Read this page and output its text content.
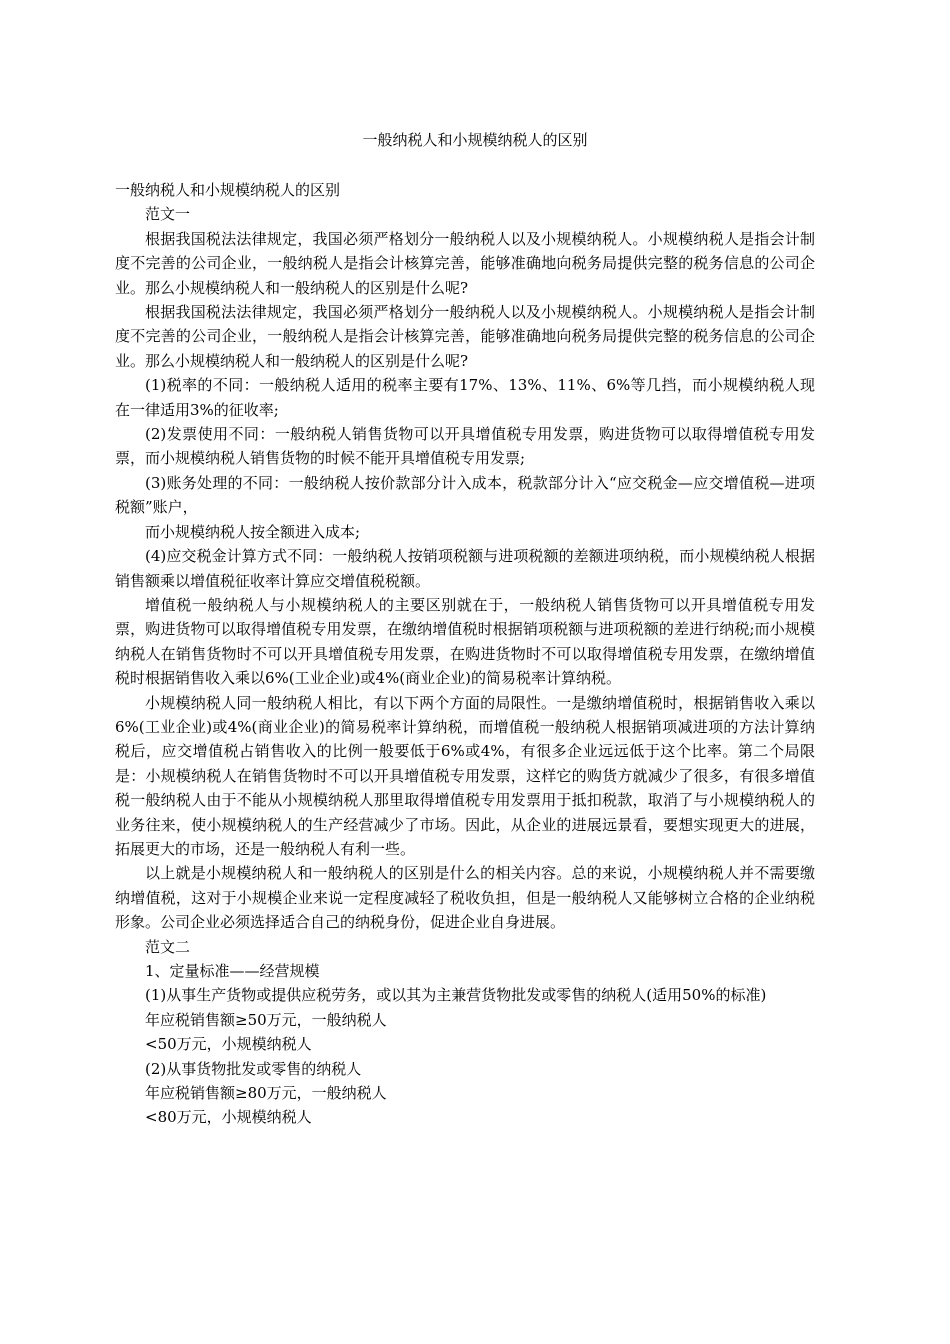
一般纳税人和小规模纳税人的区别

一般纳税人和小规模纳税人的区别

范文一

根据我国税法法律规定，我国必须严格划分一般纳税人以及小规模纳税人。小规模纳税人是指会计制度不完善的公司企业，一般纳税人是指会计核算完善，能够准确地向税务局提供完整的税务信息的公司企业。那么小规模纳税人和一般纳税人的区别是什么呢?

根据我国税法法律规定，我国必须严格划分一般纳税人以及小规模纳税人。小规模纳税人是指会计制度不完善的公司企业，一般纳税人是指会计核算完善，能够准确地向税务局提供完整的税务信息的公司企业。那么小规模纳税人和一般纳税人的区别是什么呢?

(1)税率的不同：一般纳税人适用的税率主要有17%、13%、11%、6%等几挡，而小规模纳税人现在一律适用3%的征收率;

(2)发票使用不同：一般纳税人销售货物可以开具增值税专用发票，购进货物可以取得增值税专用发票，而小规模纳税人销售货物的时候不能开具增值税专用发票;

(3)账务处理的不同：一般纳税人按价款部分计入成本，税款部分计入“应交税金—应交增值税—进项税额”账户，

而小规模纳税人按全额进入成本;

(4)应交税金计算方式不同：一般纳税人按销项税额与进项税额的差额进项纳税，而小规模纳税人根据销售额乘以增值税征收率计算应交增值税税额。

增值税一般纳税人与小规模纳税人的主要区别就在于，一般纳税人销售货物可以开具增值税专用发票，购进货物可以取得增值税专用发票，在缴纳增值税时根据销项税额与进项税额的差进行纳税;而小规模纳税人在销售货物时不可以开具增值税专用发票，在购进货物时不可以取得增值税专用发票，在缴纳增值税时根据销售收入乘以6%(工业企业)或4%(商业企业)的简易税率计算纳税。

小规模纳税人同一般纳税人相比，有以下两个方面的局限性。一是缴纳增值税时，根据销售收入乘以6%(工业企业)或4%(商业企业)的简易税率计算纳税，而增值税一般纳税人根据销项减进项的方法计算纳税后，应交增值税占销售收入的比例一般要低于6%或4%，有很多企业远远低于这个比率。第二个局限是：小规模纳税人在销售货物时不可以开具增值税专用发票，这样它的购货方就减少了很多，有很多增值税一般纳税人由于不能从小规模纳税人那里取得增值税专用发票用于抵扣税款，取消了与小规模纳税人的业务往来，使小规模纳税人的生产经营减少了市场。因此，从企业的进展远景看，要想实现更大的进展，拓展更大的市场，还是一般纳税人有利一些。

以上就是小规模纳税人和一般纳税人的区别是什么的相关内容。总的来说，小规模纳税人并不需要缴纳增值税，这对于小规模企业来说一定程度减轻了税收负担，但是一般纳税人又能够树立合格的企业纳税形象。公司企业必须选择适合自己的纳税身份，促进企业自身进展。

范文二

1、定量标准——经营规模

(1)从事生产货物或提供应税劳务，或以其为主兼营货物批发或零售的纳税人(适用50%的标准)

年应税销售额≥50万元，一般纳税人

<50万元，小规模纳税人

(2)从事货物批发或零售的纳税人

年应税销售额≥80万元，一般纳税人

<80万元，小规模纳税人
